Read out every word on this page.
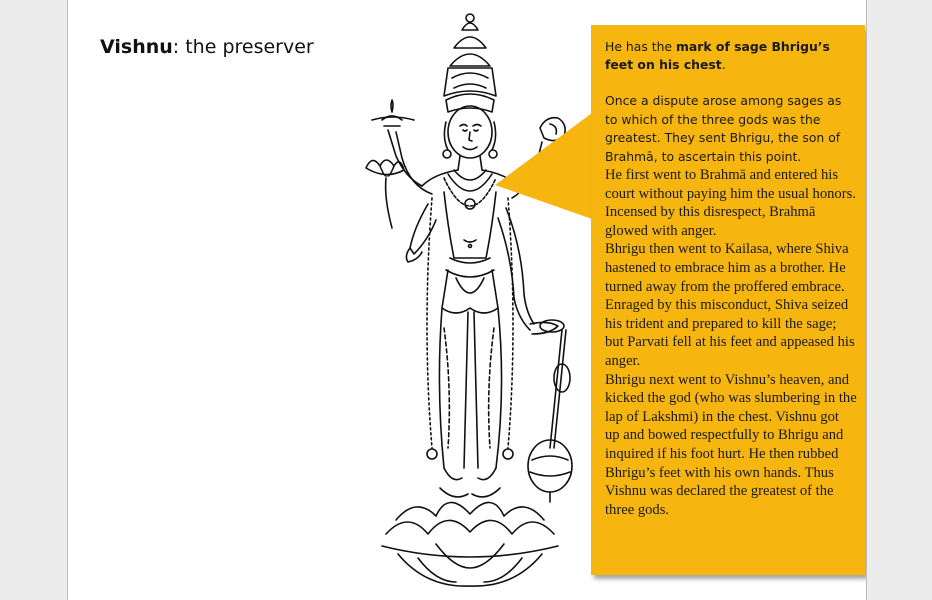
Vishnu: the preserver	He has the mark of sage Bhrigu’s feet on his chest.

Once a dispute arose among sages as to which of the three gods was the greatest. They sent Bhrigu, the son of Brahmā, to ascertain this point.

He first went to Brahmā and entered his court without paying him the usual honors. Incensed by this disrespect, Brahmā glowed with anger.

Bhrigu then went to Kailasa, where Shiva hastened to embrace him as a brother. He turned away from the proffered embrace. Enraged by this misconduct, Shiva seized his trident and prepared to kill the sage; but Parvati fell at his feet and appeased his anger.

Bhrigu next went to Vishnu’s heaven, and kicked the god (who was slumbering in the lap of Lakshmi) in the chest. Vishnu got up and bowed respectfully to Bhrigu and inquired if his foot hurt. He then rubbed Bhrigu’s feet with his own hands. Thus Vishnu was declared the greatest of the three gods.
